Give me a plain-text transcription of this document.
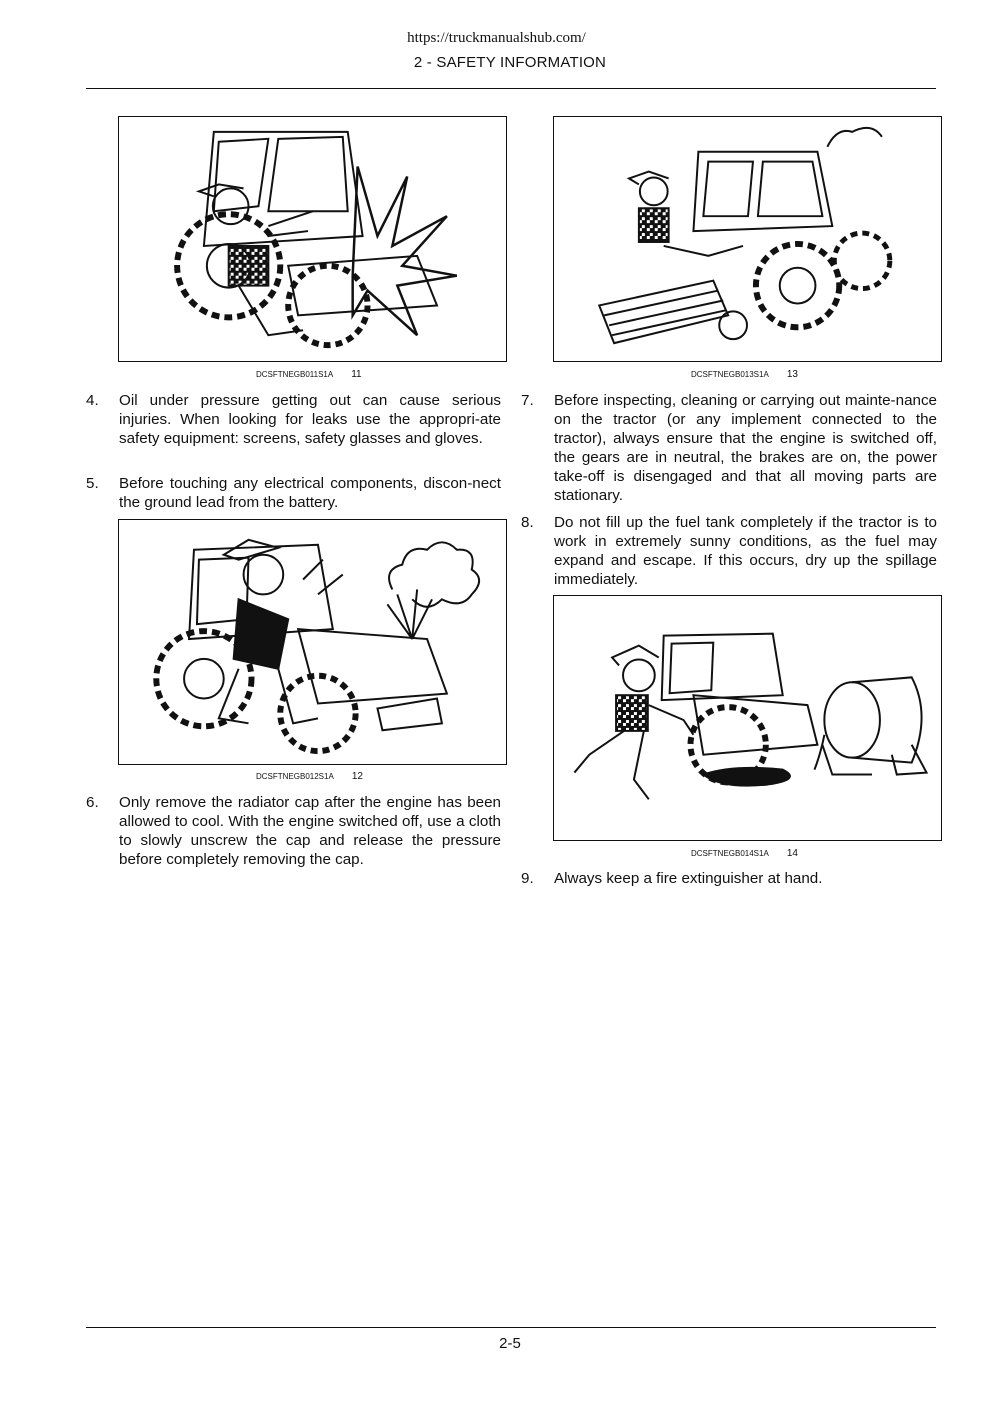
https://truckmanualshub.com/
2 - SAFETY INFORMATION
DCSFTNEGB011S1A 11	DCSFTNEGB013S1A 13
4. Oil under pressure getting out can cause serious injuries. When looking for leaks use the appropri-ate safety equipment: screens, safety glasses and gloves.
5. Before touching any electrical components, discon-nect the ground lead from the battery.
DCSFTNEGB012S1A 12
6. Only remove the radiator cap after the engine has been allowed to cool. With the engine switched off, use a cloth to slowly unscrew the cap and release the pressure before completely removing the cap.
7. Before inspecting, cleaning or carrying out mainte-nance on the tractor (or any implement connected to the tractor), always ensure that the engine is switched off, the gears are in neutral, the brakes are on, the power take-off is disengaged and that all moving parts are stationary.
8. Do not fill up the fuel tank completely if the tractor is to work in extremely sunny conditions, as the fuel may expand and escape. If this occurs, dry up the spillage immediately.
DCSFTNEGB014S1A 14
9. Always keep a fire extinguisher at hand.
2-5
